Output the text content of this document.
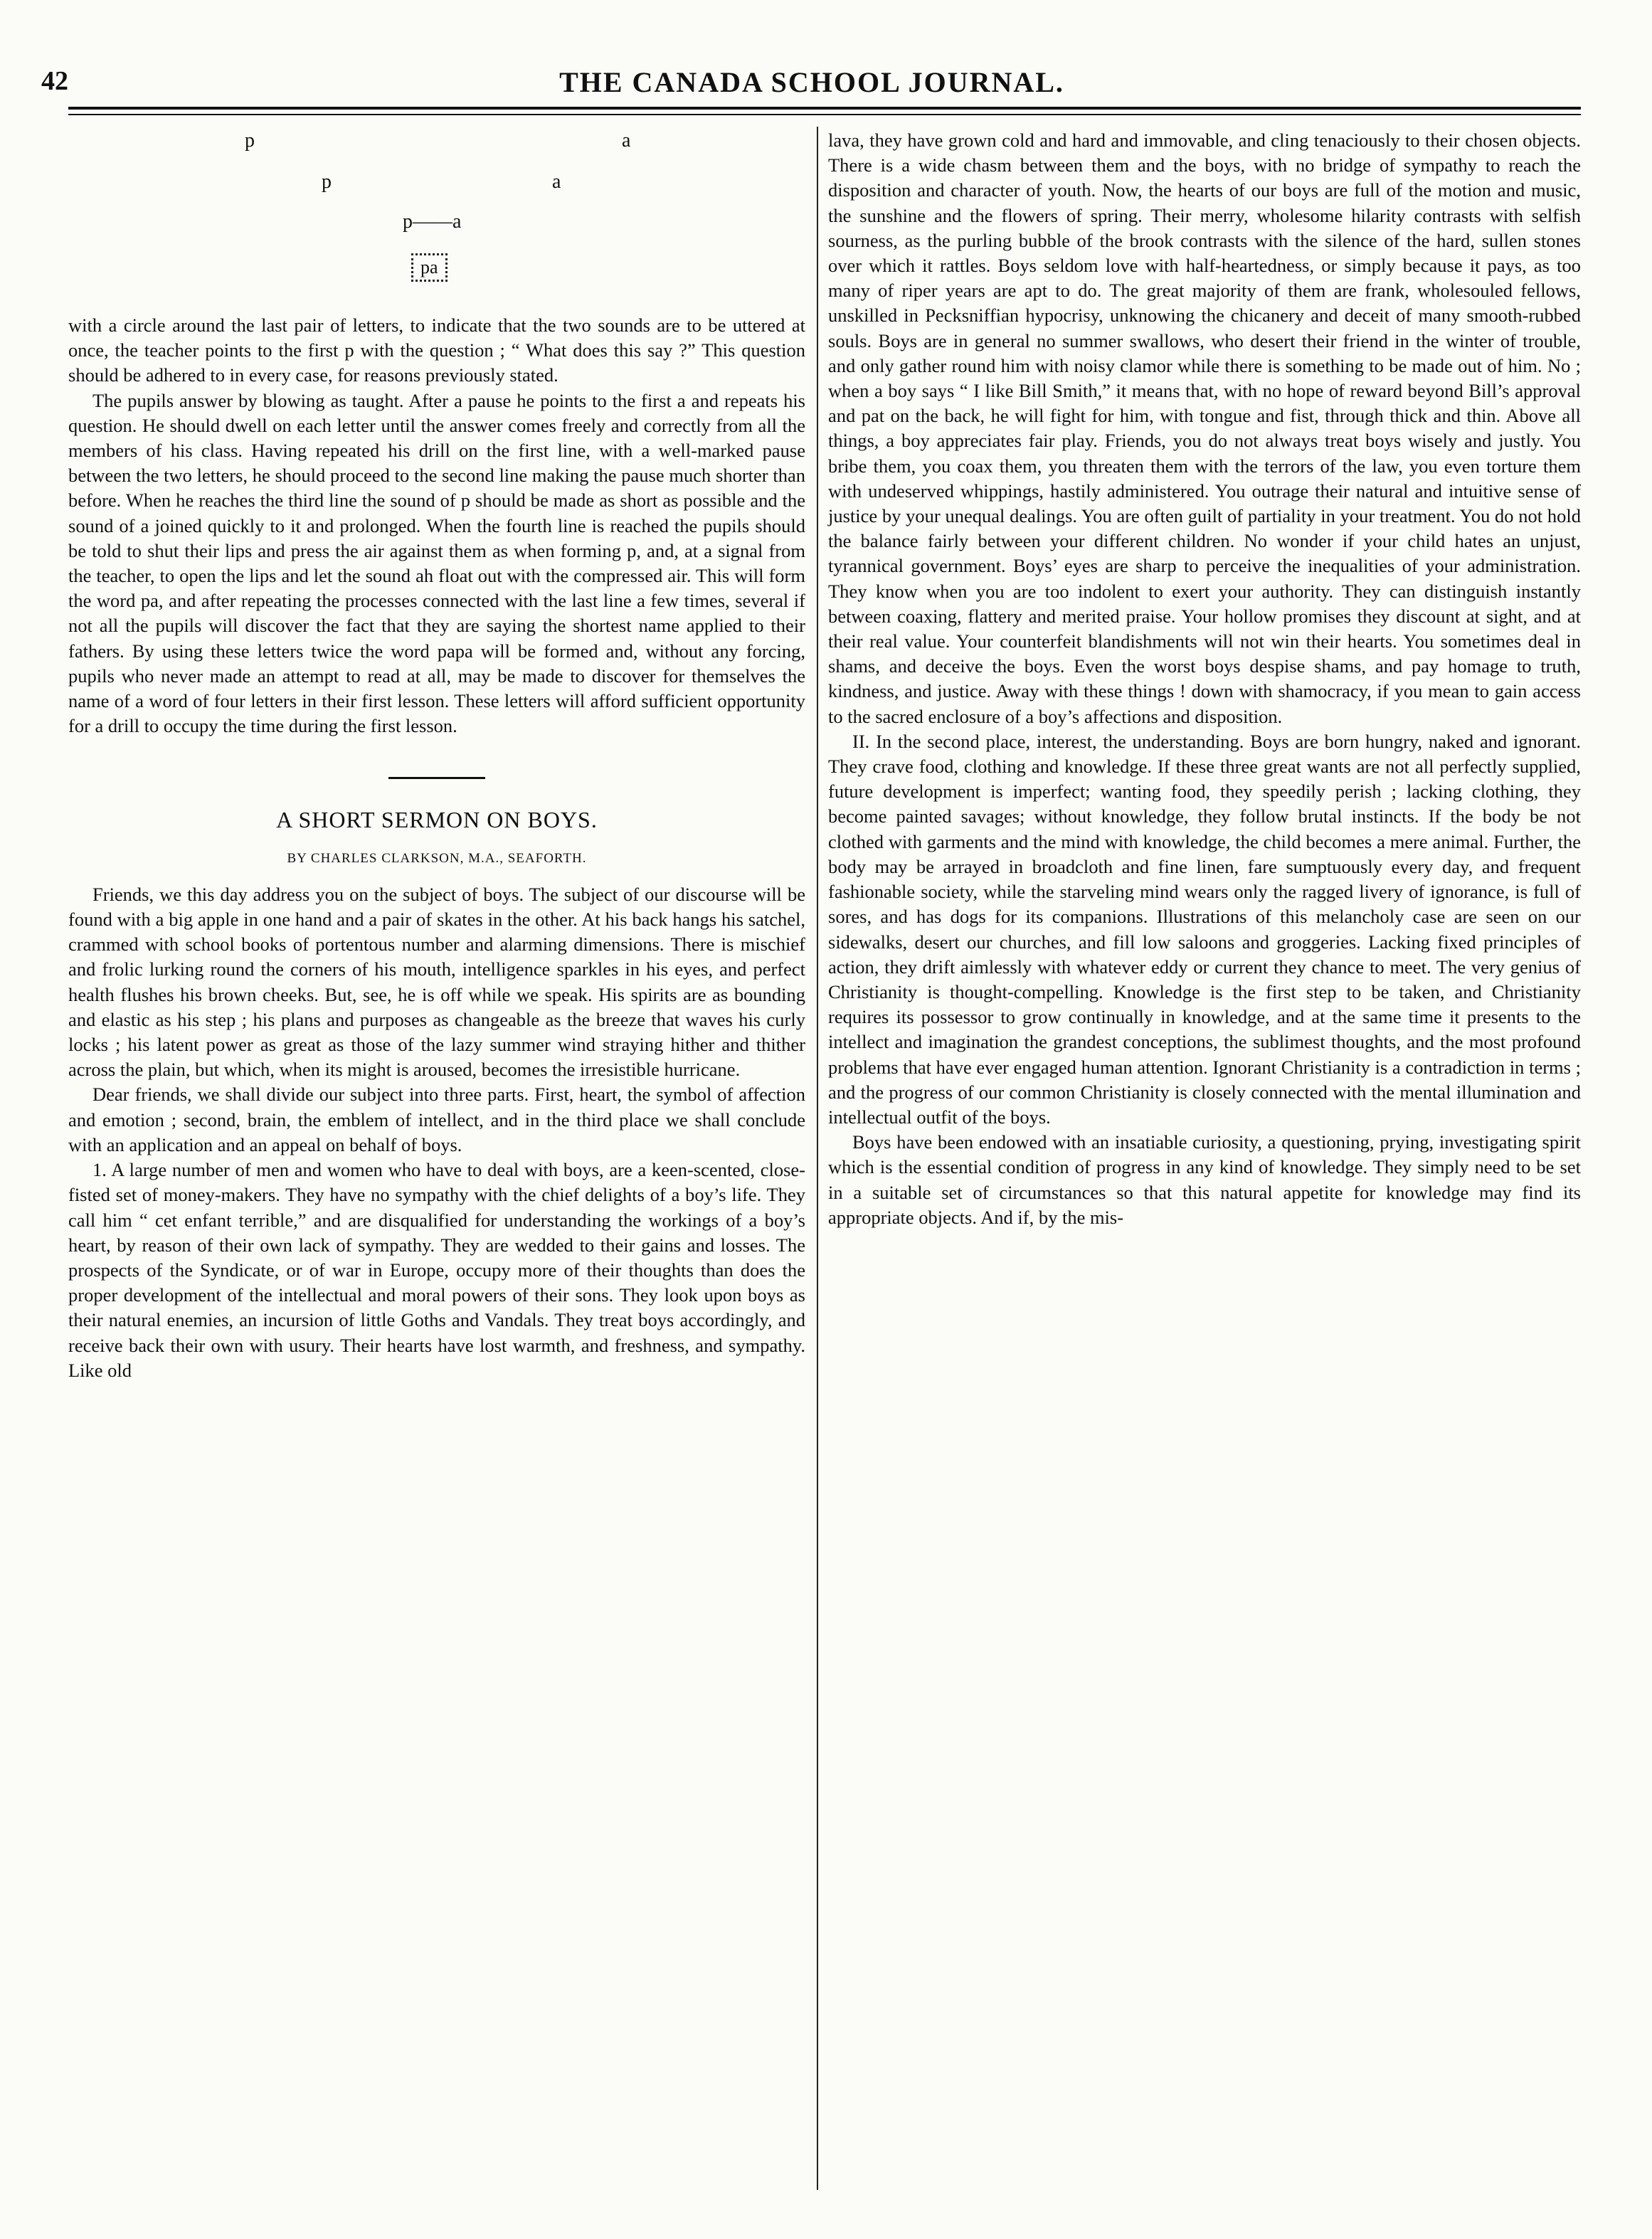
42	THE CANADA SCHOOL JOURNAL.
p	a
p	a
p——a
pa

with a circle around the last pair of letters, to indicate that the two sounds are to be uttered at once, the teacher points to the first p with the question ; “ What does this say ?” This question should be adhered to in every case, for reasons previously stated.

The pupils answer by blowing as taught. After a pause he points to the first a and repeats his question. He should dwell on each letter until the answer comes freely and correctly from all the members of his class. Having repeated his drill on the first line, with a well-marked pause between the two letters, he should proceed to the second line making the pause much shorter than before. When he reaches the third line the sound of p should be made as short as possible and the sound of a joined quickly to it and prolonged. When the fourth line is reached the pupils should be told to shut their lips and press the air against them as when forming p, and, at a signal from the teacher, to open the lips and let the sound ah float out with the compressed air. This will form the word pa, and after repeating the processes connected with the last line a few times, several if not all the pupils will discover the fact that they are saying the shortest name applied to their fathers. By using these letters twice the word papa will be formed and, without any forcing, pupils who never made an attempt to read at all, may be made to discover for themselves the name of a word of four letters in their first lesson. These letters will afford sufficient opportunity for a drill to occupy the time during the first lesson.

A SHORT SERMON ON BOYS.
BY CHARLES CLARKSON, M.A., SEAFORTH.

Friends, we this day address you on the subject of boys. The subject of our discourse will be found with a big apple in one hand and a pair of skates in the other. At his back hangs his satchel, crammed with school books of portentous number and alarming dimensions. There is mischief and frolic lurking round the corners of his mouth, intelligence sparkles in his eyes, and perfect health flushes his brown cheeks. But, see, he is off while we speak. His spirits are as bounding and elastic as his step ; his plans and purposes as changeable as the breeze that waves his curly locks ; his latent power as great as those of the lazy summer wind straying hither and thither across the plain, but which, when its might is aroused, becomes the irresistible hurricane.

Dear friends, we shall divide our subject into three parts. First, heart, the symbol of affection and emotion ; second, brain, the emblem of intellect, and in the third place we shall conclude with an application and an appeal on behalf of boys.

1. A large number of men and women who have to deal with boys, are a keen-scented, close-fisted set of money-makers. They have no sympathy with the chief delights of a boy’s life. They call him “ cet enfant terrible,” and are disqualified for understanding the workings of a boy’s heart, by reason of their own lack of sympathy. They are wedded to their gains and losses. The prospects of the Syndicate, or of war in Europe, occupy more of their thoughts than does the proper development of the intellectual and moral powers of their sons. They look upon boys as their natural enemies, an incursion of little Goths and Vandals. They treat boys accordingly, and receive back their own with usury. Their hearts have lost warmth, and freshness, and sympathy. Like old

lava, they have grown cold and hard and immovable, and cling tenaciously to their chosen objects. There is a wide chasm between them and the boys, with no bridge of sympathy to reach the disposition and character of youth. Now, the hearts of our boys are full of the motion and music, the sunshine and the flowers of spring. Their merry, wholesome hilarity contrasts with selfish sourness, as the purling bubble of the brook contrasts with the silence of the hard, sullen stones over which it rattles. Boys seldom love with half-heartedness, or simply because it pays, as too many of riper years are apt to do. The great majority of them are frank, wholesouled fellows, unskilled in Pecksniffian hypocrisy, unknowing the chicanery and deceit of many smooth-rubbed souls. Boys are in general no summer swallows, who desert their friend in the winter of trouble, and only gather round him with noisy clamor while there is something to be made out of him. No ; when a boy says “ I like Bill Smith,” it means that, with no hope of reward beyond Bill’s approval and pat on the back, he will fight for him, with tongue and fist, through thick and thin. Above all things, a boy appreciates fair play. Friends, you do not always treat boys wisely and justly. You bribe them, you coax them, you threaten them with the terrors of the law, you even torture them with undeserved whippings, hastily administered. You outrage their natural and intuitive sense of justice by your unequal dealings. You are often guilt of partiality in your treatment. You do not hold the balance fairly between your different children. No wonder if your child hates an unjust, tyrannical government. Boys’ eyes are sharp to perceive the inequalities of your administration. They know when you are too indolent to exert your authority. They can distinguish instantly between coaxing, flattery and merited praise. Your hollow promises they discount at sight, and at their real value. Your counterfeit blandishments will not win their hearts. You sometimes deal in shams, and deceive the boys. Even the worst boys despise shams, and pay homage to truth, kindness, and justice. Away with these things ! down with shamocracy, if you mean to gain access to the sacred enclosure of a boy’s affections and disposition.

II. In the second place, interest, the understanding. Boys are born hungry, naked and ignorant. They crave food, clothing and knowledge. If these three great wants are not all perfectly supplied, future development is imperfect; wanting food, they speedily perish ; lacking clothing, they become painted savages; without knowledge, they follow brutal instincts. If the body be not clothed with garments and the mind with knowledge, the child becomes a mere animal. Further, the body may be arrayed in broadcloth and fine linen, fare sumptuously every day, and frequent fashionable society, while the starveling mind wears only the ragged livery of ignorance, is full of sores, and has dogs for its companions. Illustrations of this melancholy case are seen on our sidewalks, desert our churches, and fill low saloons and groggeries. Lacking fixed principles of action, they drift aimlessly with whatever eddy or current they chance to meet. The very genius of Christianity is thought-compelling. Knowledge is the first step to be taken, and Christianity requires its possessor to grow continually in knowledge, and at the same time it presents to the intellect and imagination the grandest conceptions, the sublimest thoughts, and the most profound problems that have ever engaged human attention. Ignorant Christianity is a contradiction in terms ; and the progress of our common Christianity is closely connected with the mental illumination and intellectual outfit of the boys.

Boys have been endowed with an insatiable curiosity, a questioning, prying, investigating spirit which is the essential condition of progress in any kind of knowledge. They simply need to be set in a suitable set of circumstances so that this natural appetite for knowledge may find its appropriate objects. And if, by the mis-
